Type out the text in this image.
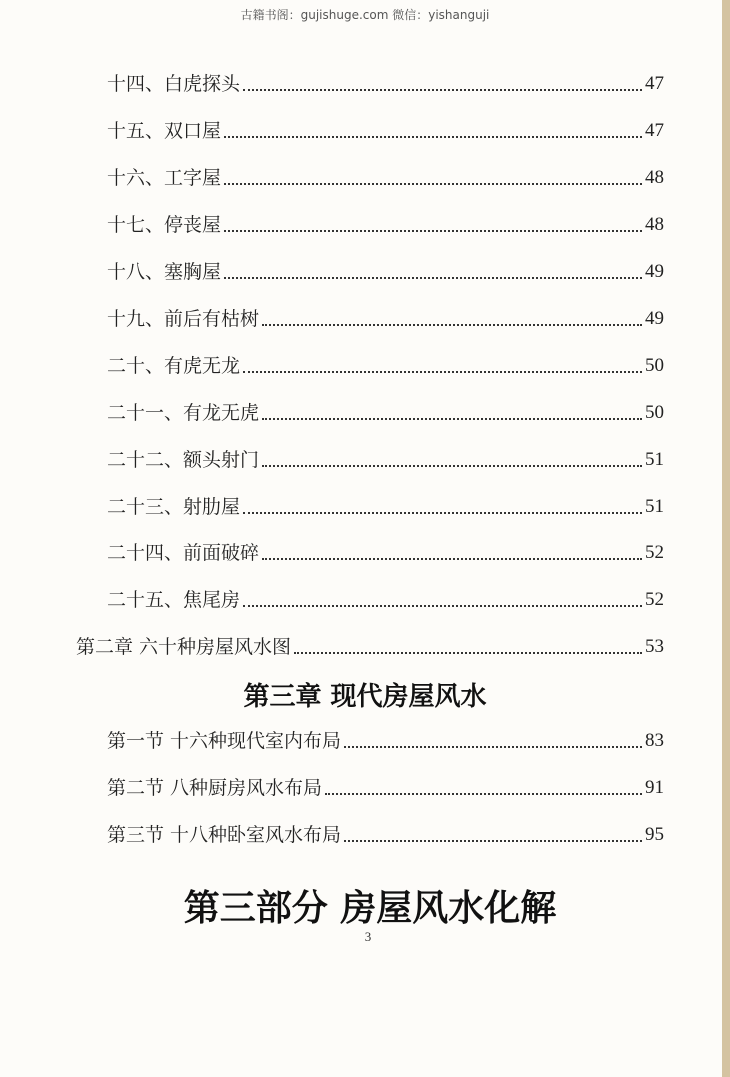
古籍书阁：gujishuge.com 微信：yishanguji
十四、白虎探头	47
十五、双口屋	47
十六、工字屋	48
十七、停丧屋	48
十八、塞胸屋	49
十九、前后有枯树	49
二十、有虎无龙	50
二十一、有龙无虎	50
二十二、额头射门	51
二十三、射肋屋	51
二十四、前面破碎	52
二十五、焦尾房	52
第二章 六十种房屋风水图	53
第三章 现代房屋风水
第一节 十六种现代室内布局	83
第二节 八种厨房风水布局	91
第三节 十八种卧室风水布局	95
第三部分 房屋风水化解
3
